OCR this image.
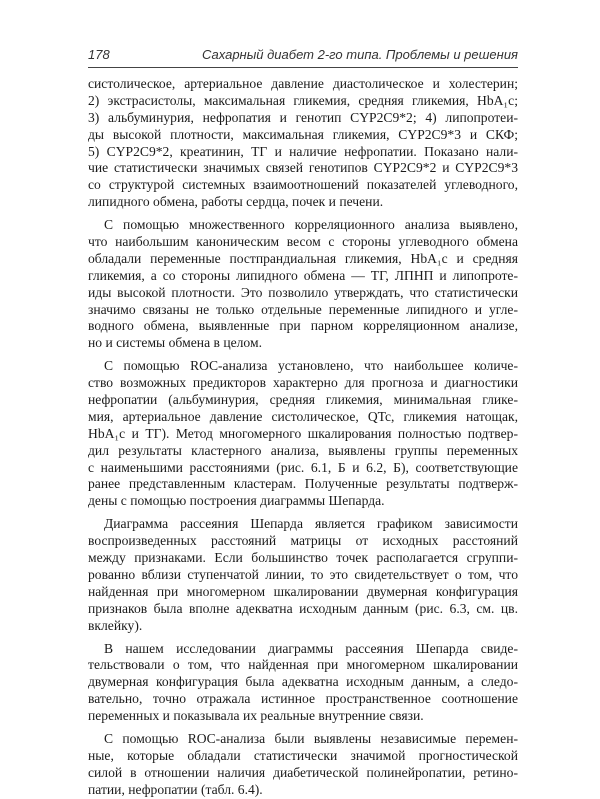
178	Сахарный диабет 2-го типа. Проблемы и решения
систолическое, артериальное давление диастолическое и холестерин;
2) экстрасистолы, максимальная гликемия, средняя гликемия, HbA₁c;
3) альбуминурия, нефропатия и генотип CYP2C9*2; 4) липопротеи-
ды высокой плотности, максимальная гликемия, CYP2C9*3 и СКФ;
5) CYP2C9*2, креатинин, ТГ и наличие нефропатии. Показано нали-
чие статистически значимых связей генотипов CYP2C9*2 и CYP2C9*3
со структурой системных взаимоотношений показателей углеводного,
липидного обмена, работы сердца, почек и печени.
С помощью множественного корреляционного анализа выявлено,
что наибольшим каноническим весом с стороны углеводного обмена
обладали переменные постпрандиальная гликемия, HbA₁c и средняя
гликемия, а со стороны липидного обмена — ТГ, ЛПНП и липопроте-
иды высокой плотности. Это позволило утверждать, что статистически
значимо связаны не только отдельные переменные липидного и угле-
водного обмена, выявленные при парном корреляционном анализе,
но и системы обмена в целом.
С помощью ROC-анализа установлено, что наибольшее количе-
ство возможных предикторов характерно для прогноза и диагностики
нефропатии (альбуминурия, средняя гликемия, минимальная глике-
мия, артериальное давление систолическое, QTc, гликемия натощак,
HbA₁c и ТГ). Метод многомерного шкалирования полностью подтвер-
дил результаты кластерного анализа, выявлены группы переменных
с наименьшими расстояниями (рис. 6.1, Б и 6.2, Б), соответствующие
ранее представленным кластерам. Полученные результаты подтверж-
дены с помощью построения диаграммы Шепарда.
Диаграмма рассеяния Шепарда является графиком зависимости
воспроизведенных расстояний матрицы от исходных расстояний
между признаками. Если большинство точек располагается сгруппи-
рованно вблизи ступенчатой линии, то это свидетельствует о том, что
найденная при многомерном шкалировании двумерная конфигурация
признаков была вполне адекватна исходным данным (рис. 6.3, см. цв.
вклейку).
В нашем исследовании диаграммы рассеяния Шепарда свиде-
тельствовали о том, что найденная при многомерном шкалировании
двумерная конфигурация была адекватна исходным данным, а следо-
вательно, точно отражала истинное пространственное соотношение
переменных и показывала их реальные внутренние связи.
С помощью ROC-анализа были выявлены независимые перемен-
ные, которые обладали статистически значимой прогностической
силой в отношении наличия диабетической полинейропатии, ретино-
патии, нефропатии (табл. 6.4).
